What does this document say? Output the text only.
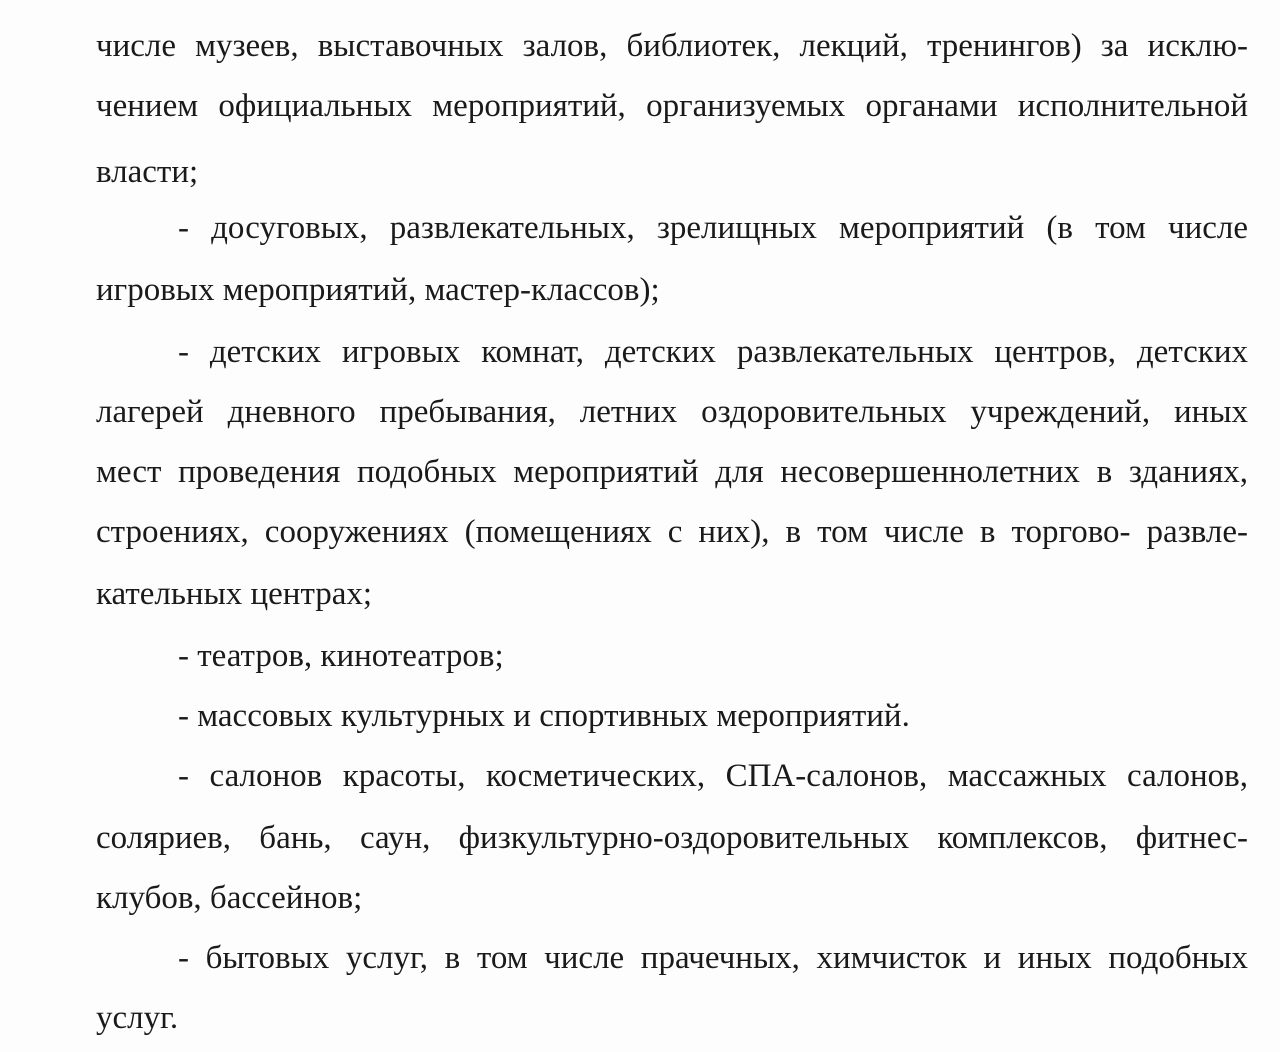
числе музеев, выставочных залов, библиотек, лекций, тренингов) за исклю-
чением официальных мероприятий, организуемых органами исполнительной
власти;
- досуговых, развлекательных, зрелищных мероприятий (в том числе
игровых мероприятий, мастер-классов);
- детских игровых комнат, детских развлекательных центров, детских
лагерей дневного пребывания, летних оздоровительных учреждений, иных
мест проведения подобных мероприятий для несовершеннолетних в зданиях,
строениях, сооружениях (помещениях с них), в том числе в торгово- развле-
кательных центрах;
- театров, кинотеатров;
- массовых культурных и спортивных мероприятий.
- салонов красоты, косметических, СПА-салонов, массажных салонов,
соляриев, бань, саун, физкультурно-оздоровительных комплексов, фитнес-
клубов, бассейнов;
- бытовых услуг, в том числе прачечных, химчисток и иных подобных
услуг.
